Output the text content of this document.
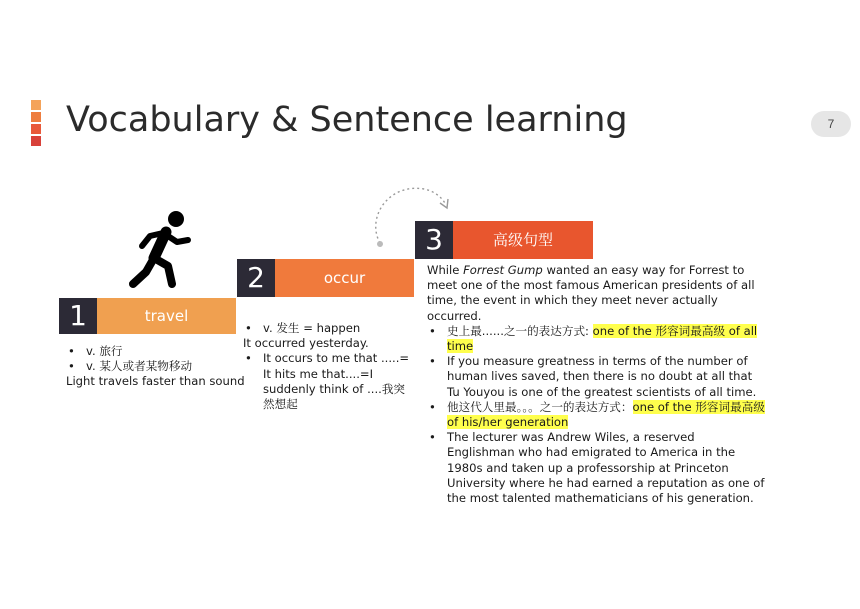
Vocabulary & Sentence learning	7
1	travel
2	occur
3	高级句型
• v. 旅行
• v. 某人或者某物移动
Light travels faster than sound
• v. 发生 = happen
It occurred yesterday.
• It occurs to me that .....= It hits me that....=I suddenly think of ....我突然想起
While Forrest Gump wanted an easy way for Forrest to meet one of the most famous American presidents of all time, the event in which they meet never actually occurred.
• 史上最......之一的表达方式: one of the 形容词最高级 of all time
• If you measure greatness in terms of the number of human lives saved, then there is no doubt at all that Tu Youyou is one of the greatest scientists of all time.
• 他这代人里最。。。之一的表达方式：one of the 形容词最高级 of his/her generation
• The lecturer was Andrew Wiles, a reserved Englishman who had emigrated to America in the 1980s and taken up a professorship at Princeton University where he had earned a reputation as one of the most talented mathematicians of his generation.
